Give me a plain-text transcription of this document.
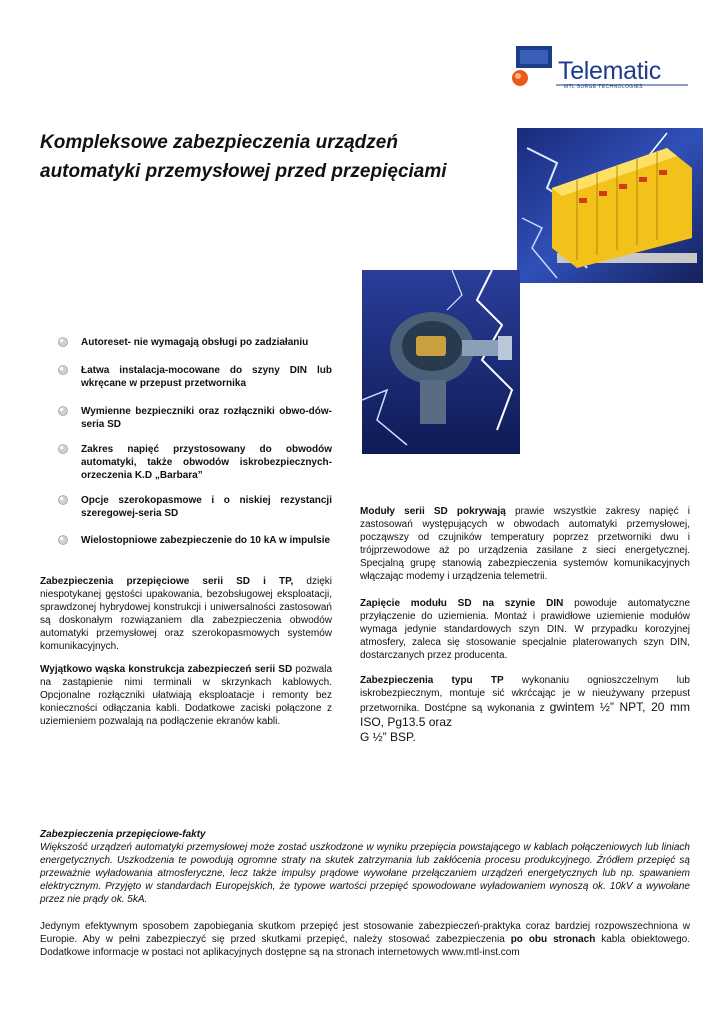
Telematic
MTL SURGE TECHNOLOGIES
Kompleksowe zabezpieczenia urządzeń
automatyki przemysłowej przed przepięciami
Autoreset- nie wymagają obsługi po zadziałaniu
Łatwa instalacja-mocowane do szyny DIN lub wkręcane w przepust przetwornika
Wymienne bezpieczniki oraz rozłączniki obwo-dów-seria SD
Zakres napięć przystosowany do obwodów automatyki, także obwodów iskrobezpiecznych-orzeczenia K.D „Barbara”
Opcje szerokopasmowe i o niskiej rezystancji szeregowej-seria SD
Wielostopniowe zabezpieczenie do 10 kA w impulsie
Zabezpieczenia przepięciowe serii SD i TP, dzięki niespotykanej gęstości upakowania, bezobsługowej eksploatacji, sprawdzonej hybrydowej konstrukcji i uniwersalności zastosowań są doskonałym rozwiązaniem dla zabezpieczenia obwodów automatyki przemysłowej oraz szerokopasmowych systemów komunikacyjnych.
Wyjątkowo wąska konstrukcja zabezpieczeń serii SD pozwala na zastąpienie nimi terminali w skrzynkach kablowych. Opcjonalne rozłączniki ułatwiają eksploatacje i remonty bez konieczności odłączania kabli. Dodatkowe zaciski połączone z uziemieniem pozwalają na podłączenie ekranów kabli.
Moduły serii SD pokrywają prawie wszystkie zakresy napięć i zastosowań występujących w obwodach automatyki przemysłowej, począwszy od czujników temperatury poprzez przetworniki dwu i trójprzewodowe aż po urządzenia zasilane z sieci energetycznej. Specjalną grupę stanowią zabezpieczenia systemów komunikacyjnych włączając modemy i urządzenia telemetrii.
Zapięcie modułu SD na szynie DIN powoduje automatyczne przyłączenie do uziemienia. Montaż i prawidłowe uziemienie modułów wymaga jedynie standardowych szyn DIN. W przypadku korozyjnej atmosfery, zaleca się stosowanie specjalnie platerowanych szyn DIN, dostarczanych przez producenta.
Zabezpieczenia typu TP wykonaniu ognioszczelnym lub iskrobezpiecznym, montuje sić wkrćcając je w nieużywany przepust przetwornika. Dostćpne są wykonania z gwintem ½” NPT, 20 mm ISO, Pg13.5 oraz
G ½” BSP.
Zabezpieczenia przepięciowe-fakty
Większość urządzeń automatyki przemysłowej może zostać uszkodzone w wyniku przepięcia powstającego w kablach połączeniowych lub liniach energetycznych. Uszkodzenia te powodują ogromne straty na skutek zatrzymania lub zakłócenia procesu produkcyjnego. Źródłem przepięć są przeważnie wyładowania atmosferyczne, lecz także impulsy prądowe wywołane przełączaniem urządzeń energetycznych lub np. spawaniem elektrycznym. Przyjęto w standardach Europejskich, że typowe wartości przepięć spowodowane wyładowaniem wynoszą ok. 10kV a wywołane przez nie prądy ok. 5kA.
Jedynym efektywnym sposobem zapobiegania skutkom przepięć jest stosowanie zabezpieczeń-praktyka coraz bardziej rozpowszechniona w Europie. Aby w pełni zabezpieczyć się przed skutkami przepięć, należy stosować zabezpieczenia po obu stronach kabla obiektowego. Dodatkowe informacje w postaci not aplikacyjnych dostępne są na stronach internetowych www.mtl-inst.com
